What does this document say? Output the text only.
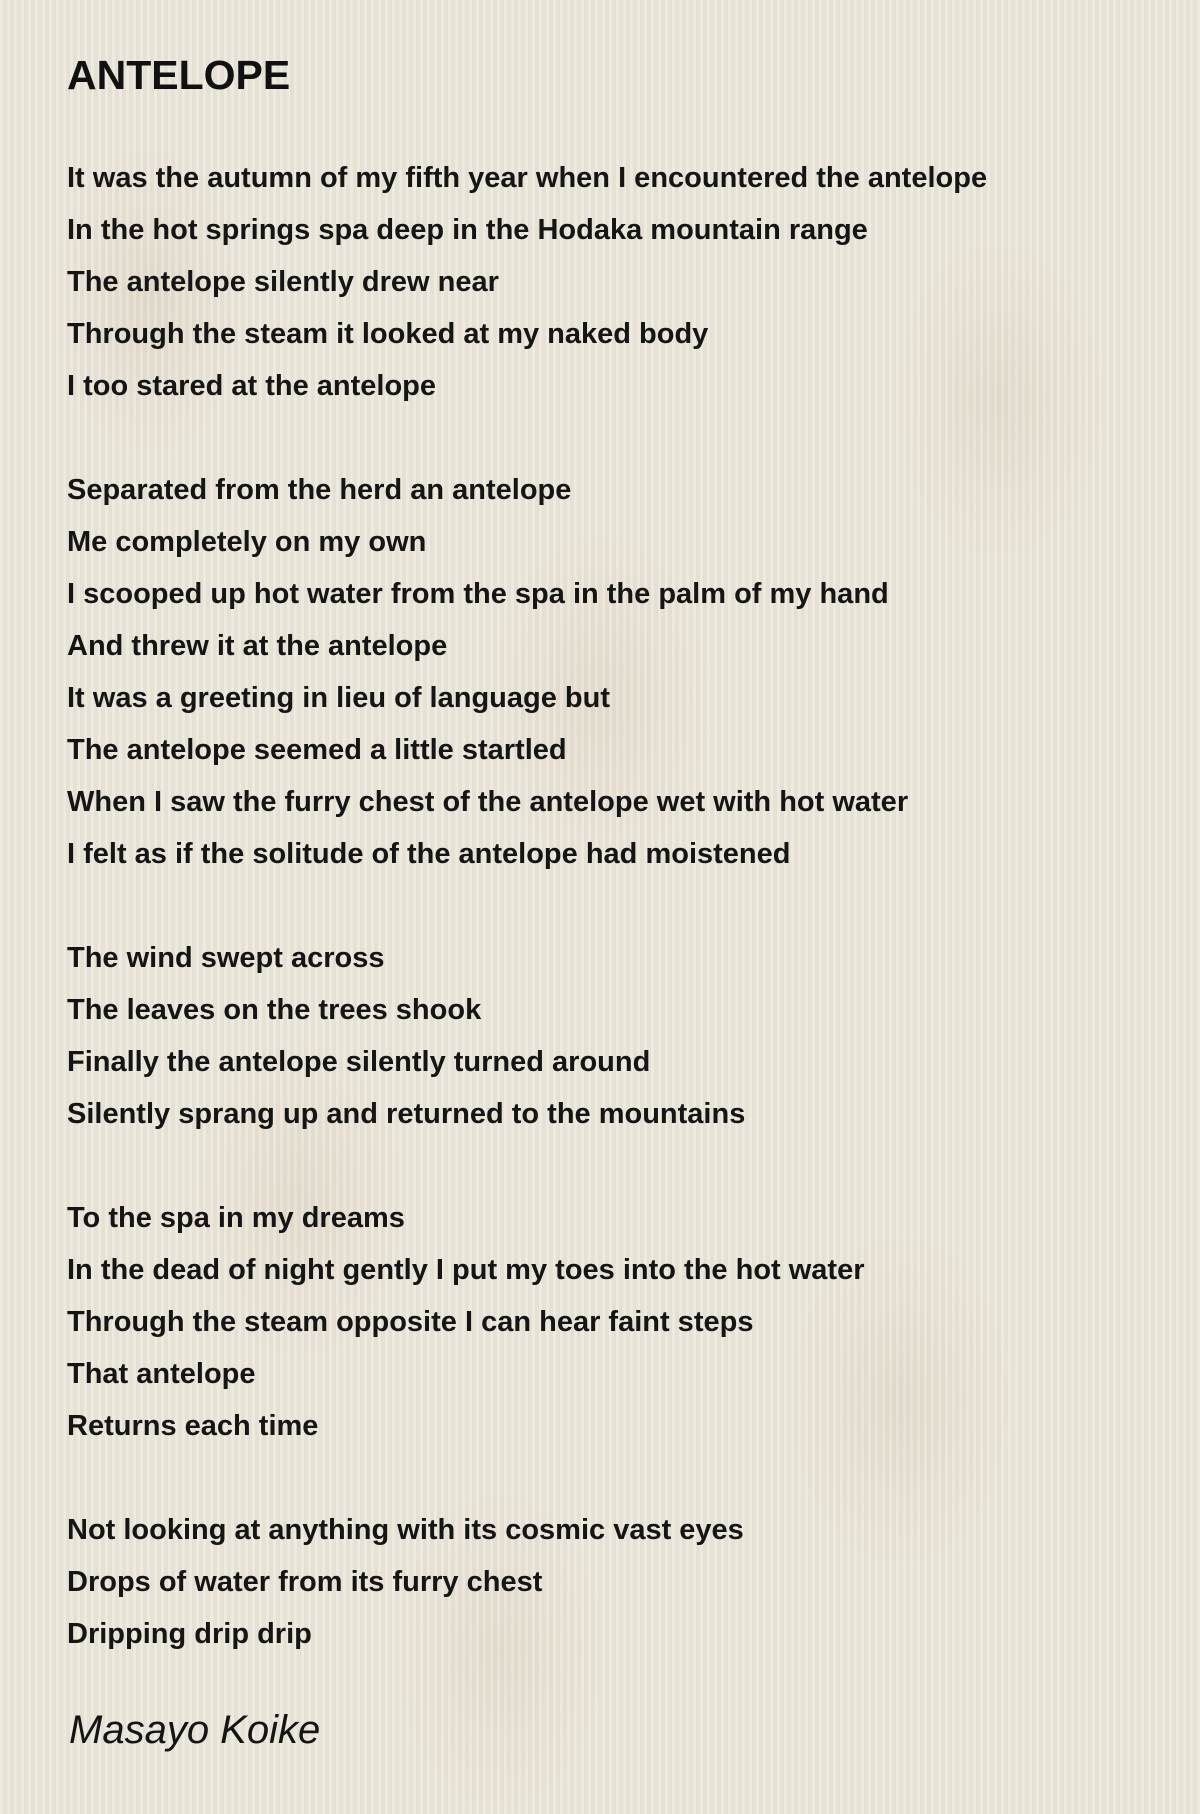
ANTELOPE
It was the autumn of my fifth year when I encountered the antelope
In the hot springs spa deep in the Hodaka mountain range
The antelope silently drew near
Through the steam it looked at my naked body
I too stared at the antelope
Separated from the herd an antelope
Me completely on my own
I scooped up hot water from the spa in the palm of my hand
And threw it at the antelope
It was a greeting in lieu of language but
The antelope seemed a little startled
When I saw the furry chest of the antelope wet with hot water
I felt as if the solitude of the antelope had moistened
The wind swept across
The leaves on the trees shook
Finally the antelope silently turned around
Silently sprang up and returned to the mountains
To the spa in my dreams
In the dead of night gently I put my toes into the hot water
Through the steam opposite I can hear faint steps
That antelope
Returns each time
Not looking at anything with its cosmic vast eyes
Drops of water from its furry chest
Dripping drip drip
Masayo Koike
